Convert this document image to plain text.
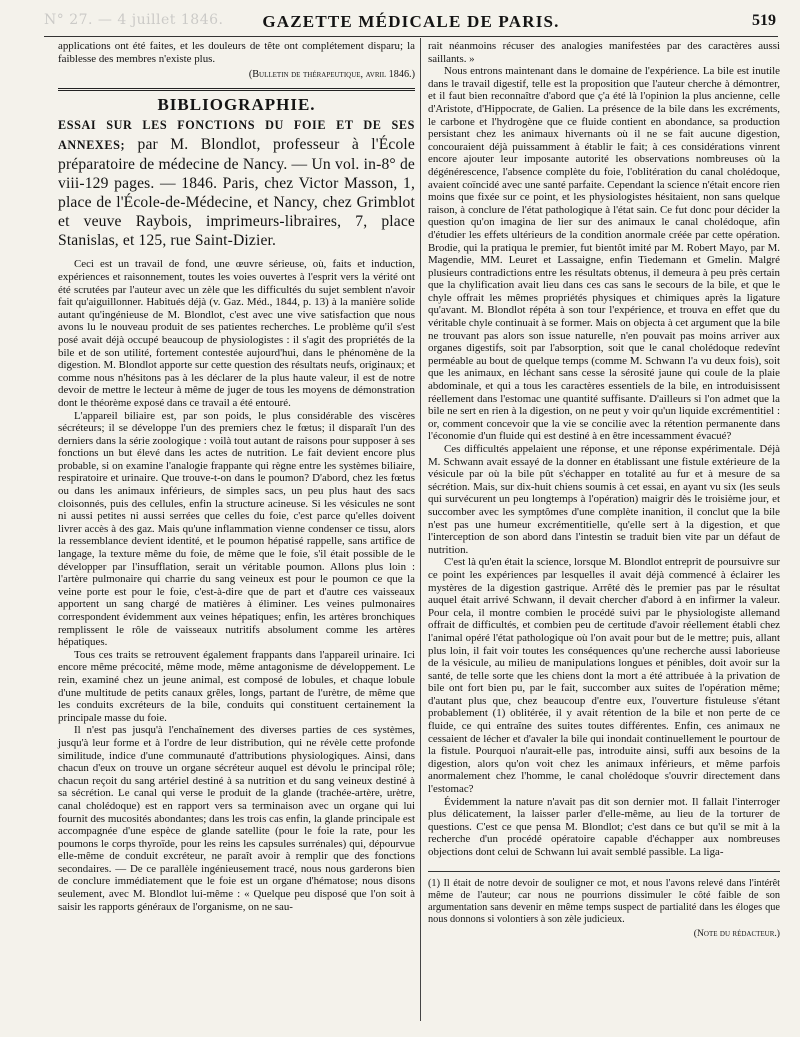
N° 27. — 4 juillet 1846.	GAZETTE MÉDICALE DE PARIS.	519

applications ont été faites, et les douleurs de tête ont complétement disparu; la faiblesse des membres n'existe plus.

(Bulletin de thérapeutique, avril 1846.)
BIBLIOGRAPHIE.
ESSAI SUR LES FONCTIONS DU FOIE ET DE SES ANNEXES; par M. Blondlot, professeur à l'École préparatoire de médecine de Nancy. — Un vol. in-8° de viii-129 pages. — 1846. Paris, chez Victor Masson, 1, place de l'École-de-Médecine, et Nancy, chez Grimblot et veuve Raybois, imprimeurs-libraires, 7, place Stanislas, et 125, rue Saint-Dizier.

Ceci est un travail de fond, une œuvre sérieuse, où, faits et induction, expériences et raisonnement, toutes les voies ouvertes à l'esprit vers la vérité ont été scrutées par l'auteur avec un zèle que les difficultés du sujet semblent n'avoir fait qu'aiguillonner. Habitués déjà (v. Gaz. Méd., 1844, p. 13) à la manière solide autant qu'ingénieuse de M. Blondlot, c'est avec une vive satisfaction que nous avons lu le nouveau produit de ses patientes recherches. Le problème qu'il s'est posé avait déjà occupé beaucoup de physiologistes : il s'agit des propriétés de la bile et de son utilité, fortement contestée aujourd'hui, dans le phénomène de la digestion. M. Blondlot apporte sur cette question des résultats neufs, originaux; et comme nous n'hésitons pas à les déclarer de la plus haute valeur, il est de notre devoir de mettre le lecteur à même de juger de tous les moyens de démonstration dont le théorème exposé dans ce travail a été entouré.

L'appareil biliaire est, par son poids, le plus considérable des viscères sécréteurs; il se développe l'un des premiers chez le fœtus; il disparaît l'un des derniers dans la série zoologique : voilà tout autant de raisons pour supposer à ses fonctions un but élevé dans les actes de nutrition. Le fait devient encore plus probable, si on examine l'analogie frappante qui règne entre les systèmes biliaire, respiratoire et urinaire. Que trouve-t-on dans le poumon? D'abord, chez les fœtus ou dans les animaux inférieurs, de simples sacs, un peu plus haut des sacs cloisonnés, puis des cellules, enfin la structure acineuse. Si les vésicules ne sont ni aussi petites ni aussi serrées que celles du foie, c'est parce qu'elles doivent livrer accès à des gaz. Mais qu'une inflammation vienne condenser ce tissu, alors la ressemblance devient identité, et le poumon hépatisé rappelle, sans artifice de langage, la texture même du foie, de même que le foie, s'il était possible de le développer par l'insufflation, serait un véritable poumon. Allons plus loin : l'artère pulmonaire qui charrie du sang veineux est pour le poumon ce que la veine porte est pour le foie, c'est-à-dire que de part et d'autre ces vaisseaux apportent un sang chargé de matières à éliminer. Les veines pulmonaires correspondent évidemment aux veines hépatiques; enfin, les artères bronchiques remplissent le rôle de vaisseaux nutritifs absolument comme les artères hépatiques.

Tous ces traits se retrouvent également frappants dans l'appareil urinaire. Ici encore même précocité, même mode, même antagonisme de développement. Le rein, examiné chez un jeune animal, est composé de lobules, et chaque lobule d'une multitude de petits canaux grêles, longs, partant de l'urètre, de même que les conduits excréteurs de la bile, conduits qui constituent certainement la principale masse du foie.

Il n'est pas jusqu'à l'enchaînement des diverses parties de ces systèmes, jusqu'à leur forme et à l'ordre de leur distribution, qui ne révèle cette profonde similitude, indice d'une communauté d'attributions physiologiques. Ainsi, dans chacun d'eux on trouve un organe sécréteur auquel est dévolu le principal rôle; chacun reçoit du sang artériel destiné à sa nutrition et du sang veineux destiné à sa sécrétion. Le canal qui verse le produit de la glande (trachée-artère, urètre, canal cholédoque) est en rapport vers sa terminaison avec un organe qui lui fournit des mucosités abondantes; dans les trois cas enfin, la glande principale est accompagnée d'une espèce de glande satellite (pour le foie la rate, pour les poumons le corps thyroïde, pour les reins les capsules surrénales) qui, dépourvue elle-même de conduit excréteur, ne paraît avoir à remplir que des fonctions secondaires. — De ce parallèle ingénieusement tracé, nous nous garderons bien de conclure immédiatement que le foie est un organe d'hématose; nous disons seulement, avec M. Blondlot lui-même : « Quelque peu disposé que l'on soit à saisir les rapports généraux de l'organisme, on ne sau-

rait néanmoins récuser des analogies manifestées par des caractères aussi saillants. »

Nous entrons maintenant dans le domaine de l'expérience. La bile est inutile dans le travail digestif, telle est la proposition que l'auteur cherche à démontrer, et il faut bien reconnaître d'abord que ç'a été là l'opinion la plus ancienne, celle d'Aristote, d'Hippocrate, de Galien. La présence de la bile dans les excréments, le carbone et l'hydrogène que ce fluide contient en abondance, sa production persistant chez les animaux hivernants où il ne se fait aucune digestion, concouraient déjà puissamment à établir le fait; à ces considérations vinrent encore ajouter leur imposante autorité les observations nombreuses où la dégénérescence, l'absence complète du foie, l'oblitération du canal cholédoque, avaient coïncidé avec une santé parfaite. Cependant la science n'était encore rien moins que fixée sur ce point, et les physiologistes hésitaient, non sans quelque raison, à conclure de l'état pathologique à l'état sain. Ce fut donc pour décider la question qu'on imagina de lier sur des animaux le canal cholédoque, afin d'étudier les effets ultérieurs de la condition anormale créée par cette opération. Brodie, qui la pratiqua le premier, fut bientôt imité par M. Robert Mayo, par M. Magendie, MM. Leuret et Lassaigne, enfin Tiedemann et Gmelin. Malgré plusieurs contradictions entre les résultats obtenus, il demeura à peu près certain que la chylification avait lieu dans ces cas sans le secours de la bile, et que le chyle offrait les mêmes propriétés physiques et chimiques après la ligature qu'avant. M. Blondlot répéta à son tour l'expérience, et trouva en effet que du véritable chyle continuait à se former. Mais on objecta à cet argument que la bile ne trouvant pas alors son issue naturelle, n'en pouvait pas moins arriver aux organes digestifs, soit par l'absorption, soit que le canal cholédoque redevînt perméable au bout de quelque temps (comme M. Schwann l'a vu deux fois), soit que les animaux, en léchant sans cesse la sérosité jaune qui coule de la plaie abdominale, et qui a tous les caractères essentiels de la bile, en introduisissent réellement dans l'estomac une quantité suffisante. D'ailleurs si l'on admet que la bile ne sert en rien à la digestion, on ne peut y voir qu'un liquide excrémentitiel : or, comment concevoir que la vie se concilie avec la rétention permanente dans l'économie d'un fluide qui est destiné à en être incessamment évacué?

Ces difficultés appelaient une réponse, et une réponse expérimentale. Déjà M. Schwann avait essayé de la donner en établissant une fistule extérieure de la vésicule par où la bile pût s'échapper en totalité au fur et à mesure de sa sécrétion. Mais, sur dix-huit chiens soumis à cet essai, en ayant vu six (les seuls qui survécurent un peu longtemps à l'opération) maigrir dès le troisième jour, et succomber avec les symptômes d'une complète inanition, il conclut que la bile n'est pas une humeur excrémentitielle, qu'elle sert à la digestion, et que l'interception de son abord dans l'intestin se traduit bien vite par un défaut de nutrition.

C'est là qu'en était la science, lorsque M. Blondlot entreprit de poursuivre sur ce point les expériences par lesquelles il avait déjà commencé à éclairer les mystères de la digestion gastrique. Arrêté dès le premier pas par le résultat auquel était arrivé Schwann, il devait chercher d'abord à en infirmer la valeur. Pour cela, il montre combien le procédé suivi par le physiologiste allemand offrait de difficultés, et combien peu de certitude d'avoir réellement établi chez l'animal opéré l'état pathologique où l'on avait pour but de le mettre; puis, allant plus loin, il fait voir toutes les conséquences qu'une recherche aussi laborieuse de la vésicule, au milieu de manipulations longues et pénibles, doit avoir sur la santé, de telle sorte que les chiens dont la mort a été attribuée à la privation de bile ont fort bien pu, par le fait, succomber aux suites de l'opération même; d'autant plus que, chez beaucoup d'entre eux, l'ouverture fistuleuse s'étant probablement (1) oblitérée, il y avait rétention de la bile et non perte de ce fluide, ce qui entraîne des suites toutes différentes. Enfin, ces animaux ne cessaient de lécher et d'avaler la bile qui inondait continuellement le pourtour de la fistule. Pourquoi n'aurait-elle pas, introduite ainsi, suffi aux besoins de la digestion, alors qu'on voit chez les animaux inférieurs, et même parfois anormalement chez l'homme, le canal cholédoque s'ouvrir directement dans l'estomac?

Évidemment la nature n'avait pas dit son dernier mot. Il fallait l'interroger plus délicatement, la laisser parler d'elle-même, au lieu de la torturer de questions. C'est ce que pensa M. Blondlot; c'est dans ce but qu'il se mit à la recherche d'un procédé opératoire capable d'échapper aux nombreuses objections dont celui de Schwann lui avait semblé passible. La liga-

(1) Il était de notre devoir de souligner ce mot, et nous l'avons relevé dans l'intérêt même de l'auteur; car nous ne pourrions dissimuler le côté faible de son argumentation sans devenir en même temps suspect de partialité dans les éloges que nous donnons si volontiers à son zèle judicieux.
(Note du rédacteur.)
